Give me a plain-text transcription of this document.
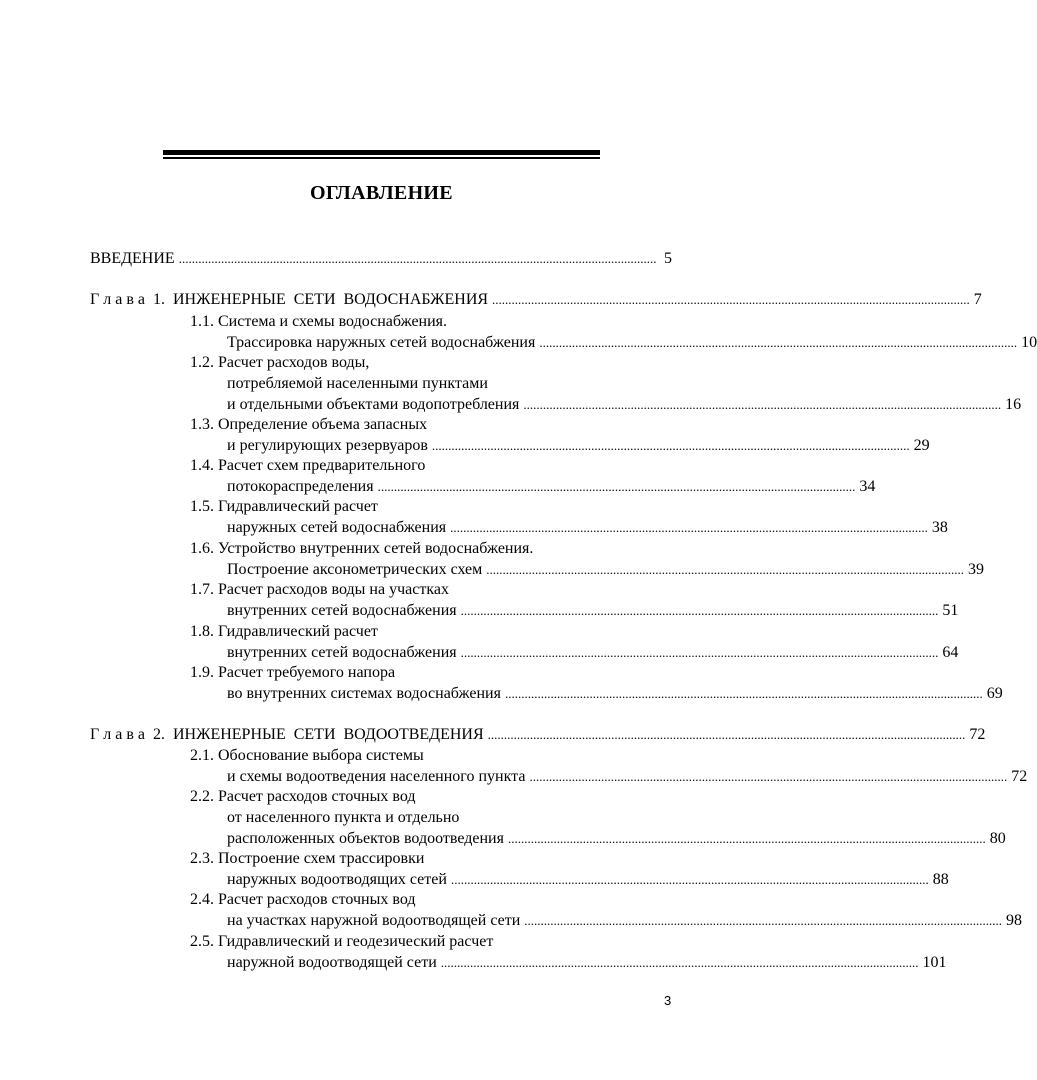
ОГЛАВЛЕНИЕ
ВВЕДЕНИЕ ................................................................................................................................................... 5
Г л а в а  1.  ИНЖЕНЕРНЫЕ  СЕТИ  ВОДОСНАБЖЕНИЯ ................................................................................................................................................... 7
1.1. Система и схемы водоснабжения.
Трассировка наружных сетей водоснабжения ................................................................................................................................................... 10
1.2. Расчет расходов воды,
потребляемой населенными пунктами
и отдельными объектами водопотребления ................................................................................................................................................... 16
1.3. Определение объема запасных
и регулирующих резервуаров ................................................................................................................................................... 29
1.4. Расчет схем предварительного
потокораспределения ................................................................................................................................................... 34
1.5. Гидравлический расчет
наружных сетей водоснабжения ................................................................................................................................................... 38
1.6. Устройство внутренних сетей водоснабжения.
Построение аксонометрических схем ................................................................................................................................................... 39
1.7. Расчет расходов воды на участках
внутренних сетей водоснабжения ................................................................................................................................................... 51
1.8. Гидравлический расчет
внутренних сетей водоснабжения ................................................................................................................................................... 64
1.9. Расчет требуемого напора
во внутренних системах водоснабжения ................................................................................................................................................... 69
Г л а в а  2.  ИНЖЕНЕРНЫЕ  СЕТИ  ВОДООТВЕДЕНИЯ ................................................................................................................................................... 72
2.1. Обоснование выбора системы
и схемы водоотведения населенного пункта ................................................................................................................................................... 72
2.2. Расчет расходов сточных вод
от населенного пункта и отдельно
расположенных объектов водоотведения ................................................................................................................................................... 80
2.3. Построение схем трассировки
наружных водоотводящих сетей ................................................................................................................................................... 88
2.4. Расчет расходов сточных вод
на участках наружной водоотводящей сети ................................................................................................................................................... 98
2.5. Гидравлический и геодезический расчет
наружной водоотводящей сети ................................................................................................................................................... 101
3
